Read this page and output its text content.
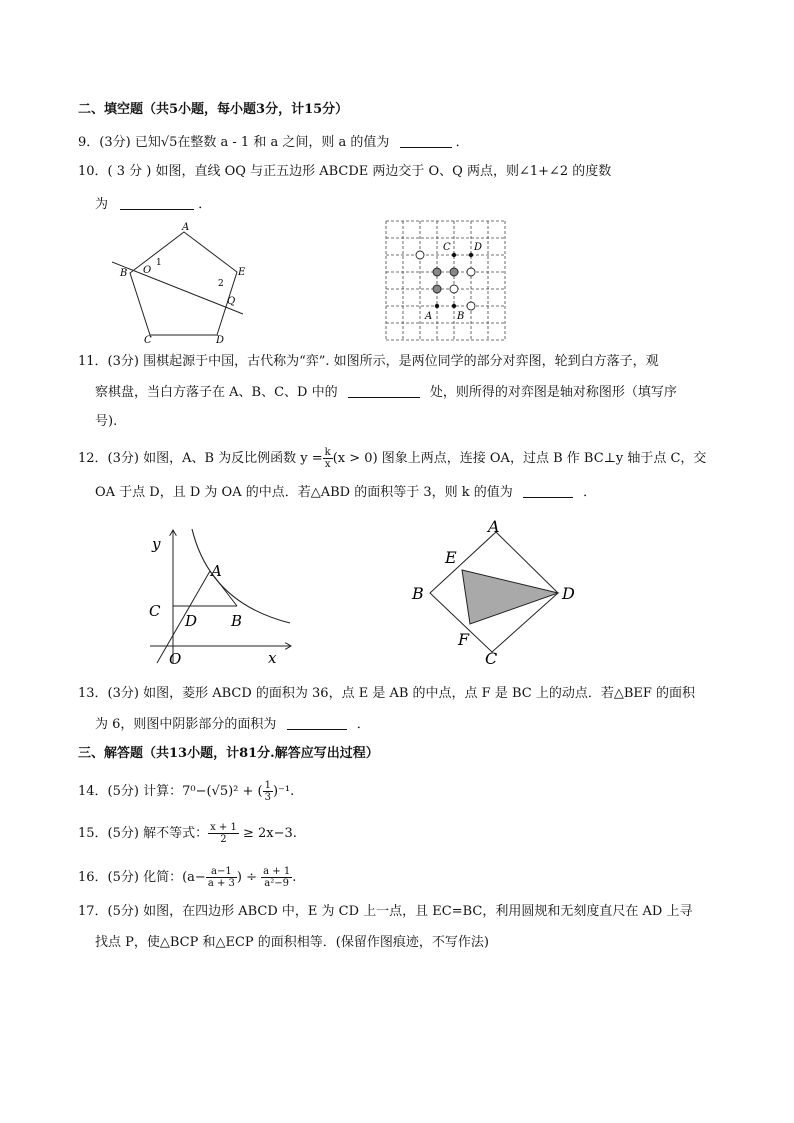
二、填空题（共5小题，每小题3分，计15分）
9．(3分) 已知√5在整数 a - 1 和 a 之间，则 a 的值为	．
10．( 3 分 ) 如图，直线 OQ 与正五边形 ABCDE 两边交于 O、Q 两点，则∠1+∠2 的度数
为	．
A
B
C	D
E
O
Q
1
2
C D
A B
11．(3分) 围棋起源于中国，古代称为“弈”. 如图所示，是两位同学的部分对弈图，轮到白方落子，观
察棋盘，当白方落子在 A、B、C、D 中的	处，则所得的对弈图是轴对称图形（填写序
号).
12．(3分) 如图，A、B 为反比例函数 $y = \frac{k}{x} (x > 0)$ 图象上两点，连接 OA，过点 B 作 BC⊥y 轴于点 C，交
OA 于点 D，且 D 为 OA 的中点．若△ABD 的面积等于 3，则 k 的值为	．
y
x
A
B
C
D
O
A
B
C
D
E
F
13．(3分) 如图，菱形 ABCD 的面积为 36，点 E 是 AB 的中点，点 F 是 BC 上的动点．若△BEF 的面积
为 6，则图中阴影部分的面积为	．
三、解答题（共13小题，计81分.解答应写出过程）
14．(5分) 计算：7⁰−(√5)² + ( $\frac{1}{3} )^{-1}$.
15．(5分) 解不等式： $\frac{x + 1}{2} \ge 2x-3$.
16．(5分) 化简：($a- \frac{a-1}{a + 3}$ ) ÷ $\frac{a + 1}{\text{a²−9}}$ .
17．(5分) 如图，在四边形 ABCD 中，E 为 CD 上一点，且 EC=BC，利用圆规和无刻度直尺在 AD 上寻
找点 P，使△BCP 和△ECP 的面积相等．(保留作图痕迹，不写作法)
